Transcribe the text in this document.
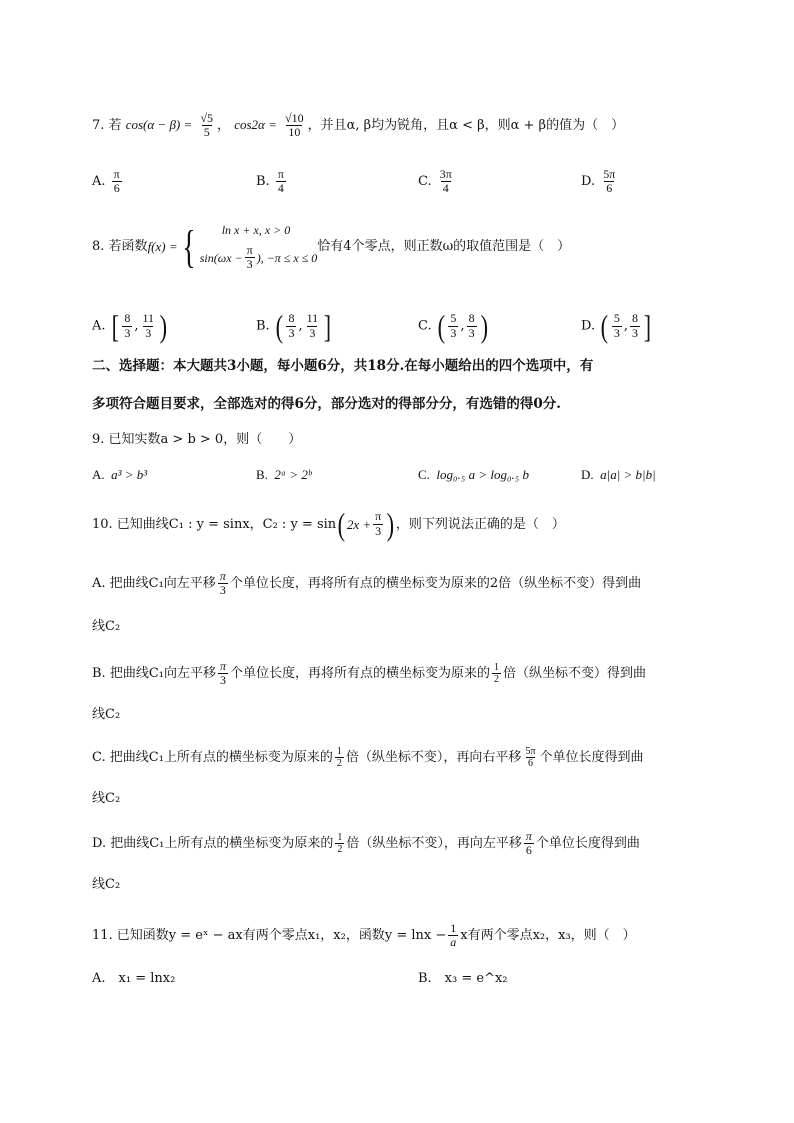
7. 若 $\cos(\alpha - \beta) = \frac{√5}{5}$ ， $\cos 2\alpha = \frac{√10}{10}$ ，并且α, β均为锐角，且α < β，则α + β的值为（　）
A. $\frac{\pi}{6}$	B. $\frac{\pi}{4}$	C. $\frac{3\pi}{4}$	D. $\frac{5\pi}{6}$
8.
若函数 f(x) = {	ln x + x, x > 0
$\sin(\omega x - \frac{\pi}{3}$ ), −π ≤ x ≤ 0
恰有4个零点，则正数ω的取值范围是（　）
A. [ $\frac{8}{3}$ , $\frac{11}{3}$ )	B. ( $\frac{8}{3}$ , $\frac{11}{3}$ ]	C. ( $\frac{5}{3}$ , $\frac{8}{3}$ )	D. ( $\frac{5}{3}$ , $\frac{8}{3}$ ]
二、选择题：本大题共3小题，每小题6分，共18分.在每小题给出的四个选项中，有
多项符合题目要求，全部选对的得6分，部分选对的得部分分，有选错的得0分.
9. 已知实数a > b > 0，则（　　）
A. a³ > b³	B. 2ᵃ > 2ᵇ	C. log₀.₅ a > log₀.₅ b	D. a|a| > b|b|
10. 已知曲线C₁ : y = sinx，C₂ : y = sin ( $2x + \frac{\pi}{3}$ ) ，则下列说法正确的是（　）
A. 把曲线C₁向左平移 $\frac{\pi}{3}$ 个单位长度，再将所有点的横坐标变为原来的2倍（纵坐标不变）得到曲
线C₂
B. 把曲线C₁向左平移 $\frac{\pi}{3}$ 个单位长度，再将所有点的横坐标变为原来的 $\frac{1}{2}$ 倍（纵坐标不变）得到曲
线C₂
C. 把曲线C₁上所有点的横坐标变为原来的 $\frac{1}{2}$ 倍（纵坐标不变），再向右平移 $\frac{5\pi}{6}$ 个单位长度得到曲
线C₂
D. 把曲线C₁上所有点的横坐标变为原来的 $\frac{1}{2}$ 倍（纵坐标不变），再向左平移 $\frac{\pi}{6}$ 个单位长度得到曲
线C₂
11. 已知函数y = eˣ − ax有两个零点x₁，x₂，函数$y = \ln x - \frac{1}{a}$ x有两个零点x₂，x₃，则（　）
A.　x₁ = lnx₂	B.　x₃ = e^x₂
